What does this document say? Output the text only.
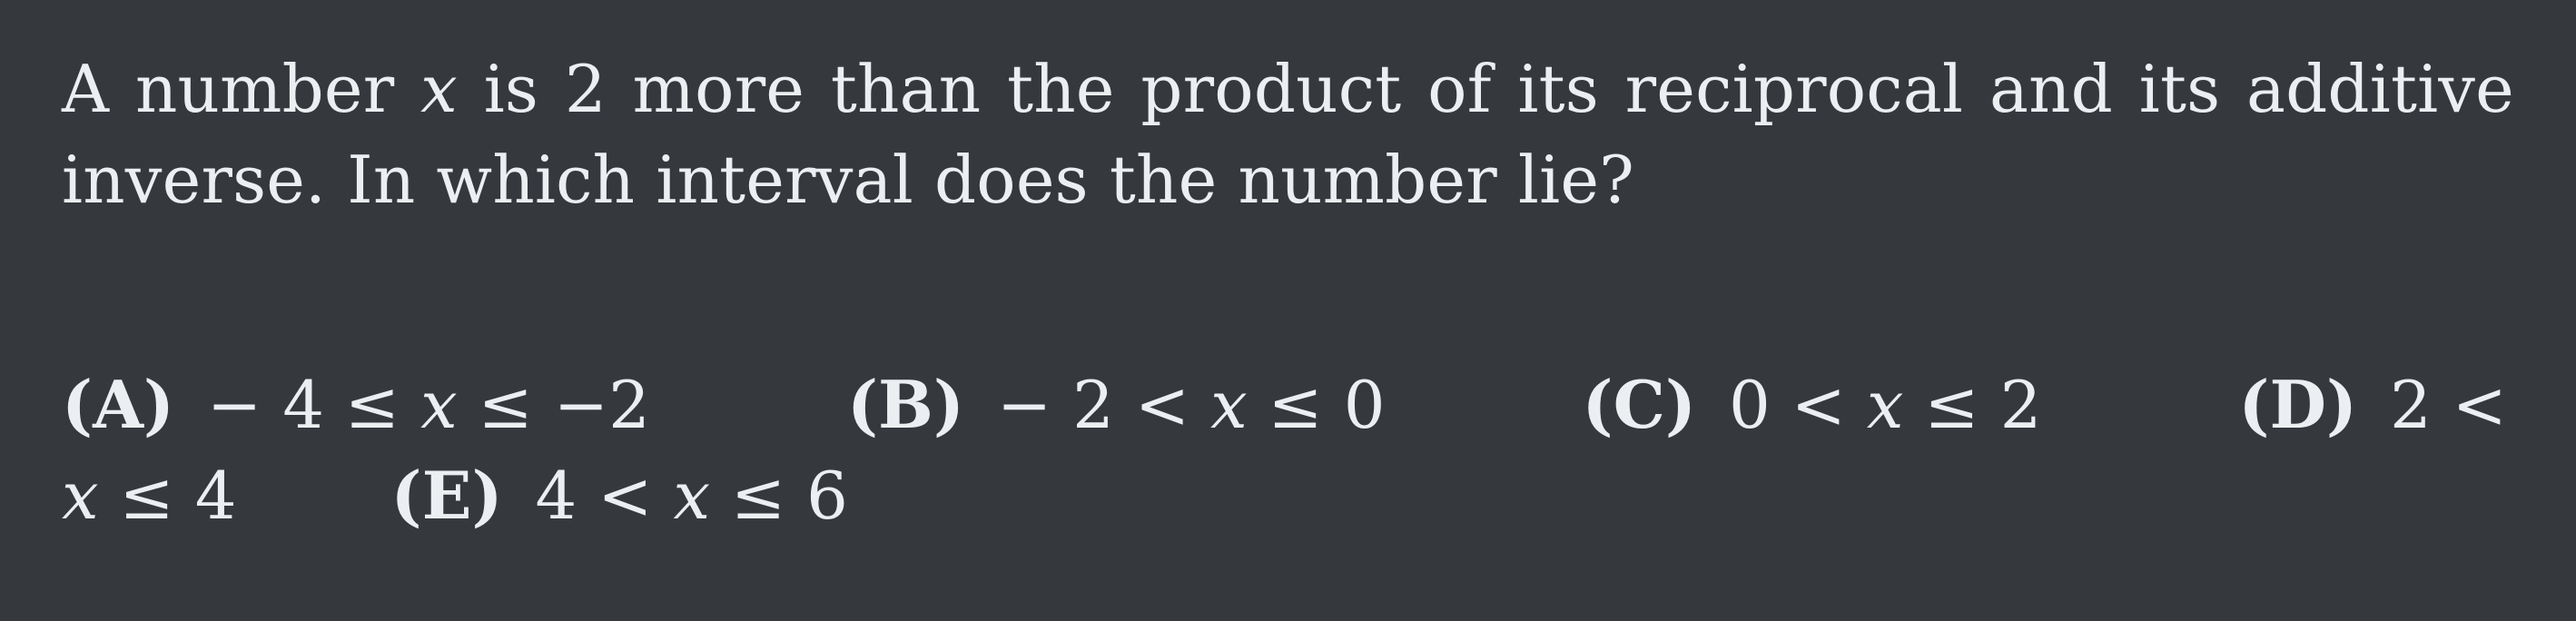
A number x is 2 more than the product of its reciprocal and its additive inverse. In which interval does the number lie?

(A) − 4 ≤ x ≤ −2	(B) − 2 < x ≤ 0	(C) 0 < x ≤ 2	(D) 2 <
x ≤ 4 (E) 4 < x ≤ 6
